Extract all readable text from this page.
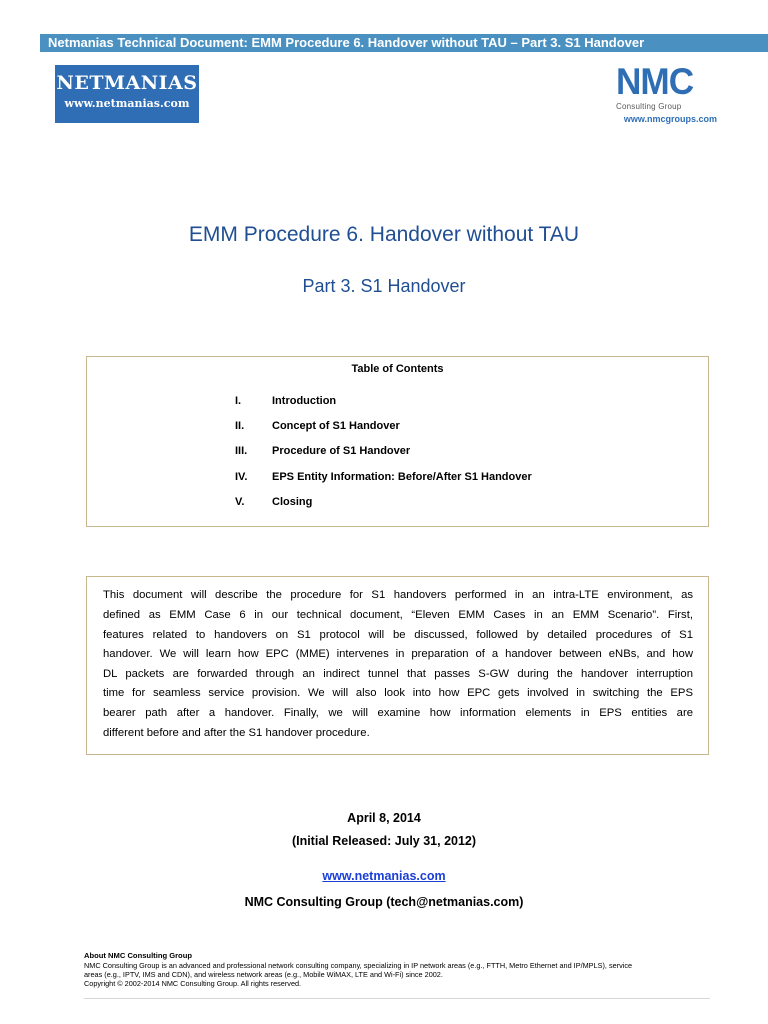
Netmanias Technical Document: EMM Procedure 6. Handover without TAU – Part 3. S1 Handover
NETMANIAS
www.netmanias.com
NMC
Consulting Group
www.nmcgroups.com
EMM Procedure 6. Handover without TAU
Part 3. S1 Handover
Table of Contents
I.	Introduction
II.	Concept of S1 Handover
III. Procedure of S1 Handover
IV. EPS Entity Information: Before/After S1 Handover
V.	Closing
This document will describe the procedure for S1 handovers performed in an intra-LTE environment, as
defined as EMM Case 6 in our technical document, “Eleven EMM Cases in an EMM Scenario”. First,
features related to handovers on S1 protocol will be discussed, followed by detailed procedures of S1
handover. We will learn how EPC (MME) intervenes in preparation of a handover between eNBs, and how
DL packets are forwarded through an indirect tunnel that passes S-GW during the handover interruption
time for seamless service provision. We will also look into how EPC gets involved in switching the EPS
bearer path after a handover. Finally, we will examine how information elements in EPS entities are
different before and after the S1 handover procedure.
April 8, 2014
(Initial Released: July 31, 2012)
www.netmanias.com
NMC Consulting Group (tech@netmanias.com)
About NMC Consulting Group
NMC Consulting Group is an advanced and professional network consulting company, specializing in IP network areas (e.g., FTTH, Metro Ethernet and IP/MPLS), service
areas (e.g., IPTV, IMS and CDN), and wireless network areas (e.g., Mobile WiMAX, LTE and Wi-Fi) since 2002.
Copyright © 2002-2014 NMC Consulting Group. All rights reserved.
